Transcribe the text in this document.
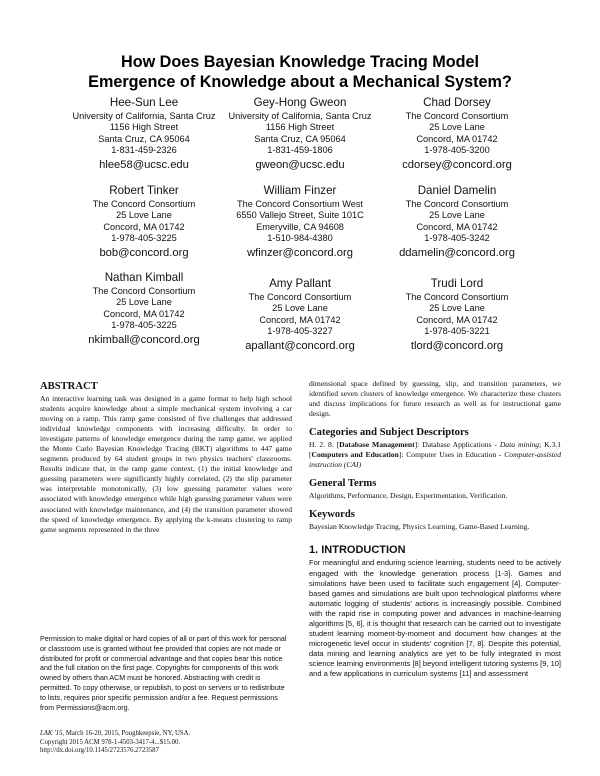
How Does Bayesian Knowledge Tracing Model
Emergence of Knowledge about a Mechanical System?
Hee-Sun Lee
University of California, Santa Cruz
1156 High Street
Santa Cruz, CA 95064
1-831-459-2326
hlee58@ucsc.edu
Gey-Hong Gweon
University of California, Santa Cruz
1156 High Street
Santa Cruz, CA 95064
1-831-459-1806
gweon@ucsc.edu
Chad Dorsey
The Concord Consortium
25 Love Lane
Concord, MA 01742
1-978-405-3200
cdorsey@concord.org
Robert Tinker
The Concord Consortium
25 Love Lane
Concord, MA 01742
1-978-405-3225
bob@concord.org
William Finzer
The Concord Consortium West
6550 Vallejo Street, Suite 101C
Emeryville, CA 94608
1-510-984-4380
wfinzer@concord.org
Daniel Damelin
The Concord Consortium
25 Love Lane
Concord, MA 01742
1-978-405-3242
ddamelin@concord.org
Nathan Kimball
The Concord Consortium
25 Love Lane
Concord, MA 01742
1-978-405-3225
nkimball@concord.org
Amy Pallant
The Concord Consortium
25 Love Lane
Concord, MA 01742
1-978-405-3227
apallant@concord.org
Trudi Lord
The Concord Consortium
25 Love Lane
Concord, MA 01742
1-978-405-3221
tlord@concord.org
ABSTRACT

An interactive learning task was designed in a game format to help high school students acquire knowledge about a simple mechanical system involving a car moving on a ramp. This ramp game consisted of five challenges that addressed individual knowledge components with increasing difficulty. In order to investigate patterns of knowledge emergence during the ramp game, we applied the Monte Carlo Bayesian Knowledge Tracing (BKT) algorithms to 447 game segments produced by 64 student groups in two physics teachers' classrooms. Results indicate that, in the ramp game context, (1) the initial knowledge and guessing parameters were significantly highly correlated, (2) the slip parameter was interpretable monotonically, (3) low guessing parameter values were associated with knowledge emergence while high guessing parameter values were associated with knowledge maintenance, and (4) the transition parameter showed the speed of knowledge emergence. By applying the k-means clustering to ramp game segments represented in the three

Permission to make digital or hard copies of all or part of this work for personal or classroom use is granted without fee provided that copies are not made or distributed for profit or commercial advantage and that copies bear this notice and the full citation on the first page. Copyrights for components of this work owned by others than ACM must be honored. Abstracting with credit is permitted. To copy otherwise, or republish, to post on servers or to redistribute to lists, requires prior specific permission and/or a fee. Request permissions from Permissions@acm.org.
LAK '15, March 16-20, 2015, Poughkeepsie, NY, USA.
Copyright 2015 ACM 978-1-4503-3417-4...$15.00.
http://dx.doi.org/10.1145/2723576.2723587

dimensional space defined by guessing, slip, and transition parameters, we identified seven clusters of knowledge emergence. We characterize these clusters and discuss implications for future research as well as for instructional game design.

Categories and Subject Descriptors

H. 2. 8. [Database Management]: Database Applications - Data mining; K.3.1 [Computers and Education]: Computer Uses in Education - Computer-assisted instruction (CAI)

General Terms

Algorithms, Performance, Design, Experimentation, Verification.

Keywords

Bayesian Knowledge Tracing, Physics Learning, Game-Based Learning.

1. INTRODUCTION

For meaningful and enduring science learning, students need to be actively engaged with the knowledge generation process [1-3]. Games and simulations have been used to facilitate such engagement [4]. Computer-based games and simulations are built upon technological platforms where automatic logging of students' actions is increasingly possible. Combined with the rapid rise in computing power and advances in machine-learning algorithms [5, 6], it is thought that research can be carried out to investigate student learning moment-by-moment and document how changes at the microgenetic level occur in students' cognition [7, 8]. Despite this potential, data mining and learning analytics are yet to be fully integrated in most science learning environments [8] beyond intelligent tutoring systems [9, 10] and a few applications in curriculum systems [11] and assessment
